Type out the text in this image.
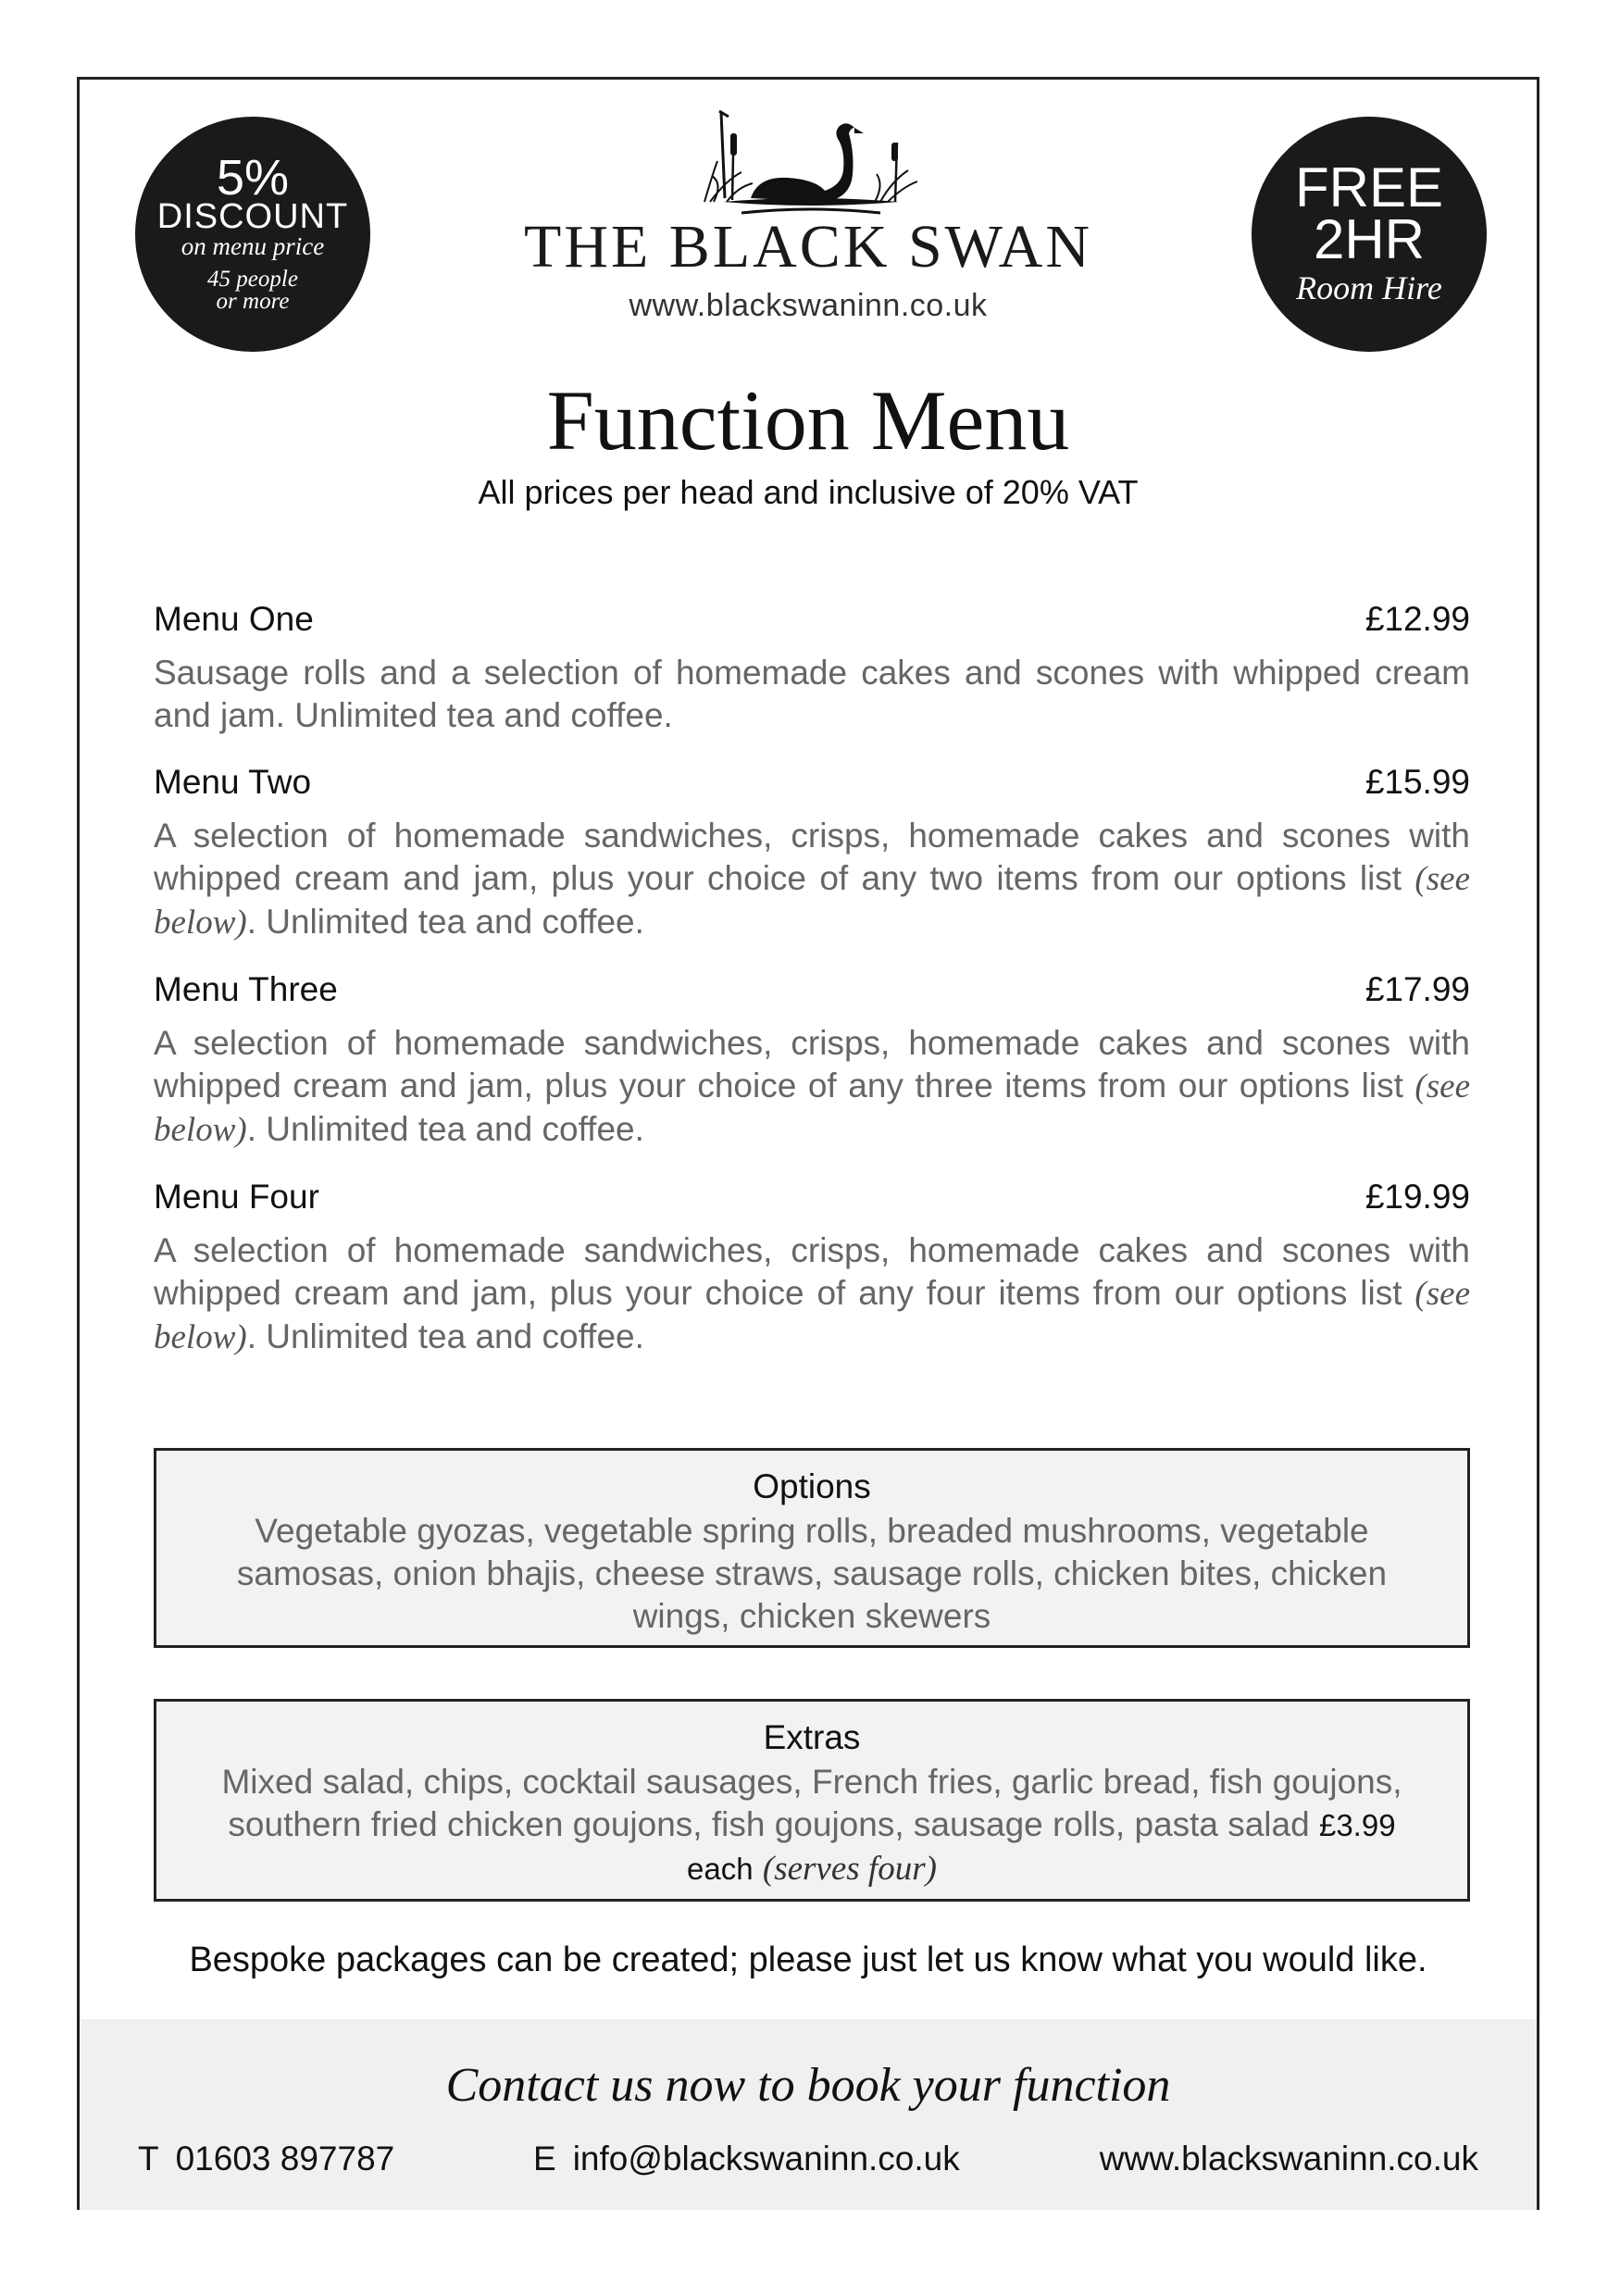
5%
DISCOUNT
on menu price
45 people
or more
THE BLACK SWAN
www.blackswaninn.co.uk
FREE
2HR
Room Hire
Function Menu
All prices per head and inclusive of 20% VAT
Menu One	£12.99
Sausage rolls and a selection of homemade cakes and scones with whipped cream and jam. Unlimited tea and coffee.
Menu Two	£15.99
A selection of homemade sandwiches, crisps, homemade cakes and scones with whipped cream and jam, plus your choice of any two items from our options list (see below). Unlimited tea and coffee.
Menu Three	£17.99
A selection of homemade sandwiches, crisps, homemade cakes and scones with whipped cream and jam, plus your choice of any three items from our options list (see below). Unlimited tea and coffee.
Menu Four	£19.99
A selection of homemade sandwiches, crisps, homemade cakes and scones with whipped cream and jam, plus your choice of any four items from our options list (see below). Unlimited tea and coffee.
Options
Vegetable gyozas, vegetable spring rolls, breaded mushrooms, vegetable samosas, onion bhajis, cheese straws, sausage rolls, chicken bites, chicken wings, chicken skewers
Extras
Mixed salad, chips, cocktail sausages, French fries, garlic bread, fish goujons, southern fried chicken goujons, fish goujons, sausage rolls, pasta salad £3.99 each (serves four)
Bespoke packages can be created; please just let us know what you would like.
Contact us now to book your function
T 01603 897787	E info@blackswaninn.co.uk	www.blackswaninn.co.uk
